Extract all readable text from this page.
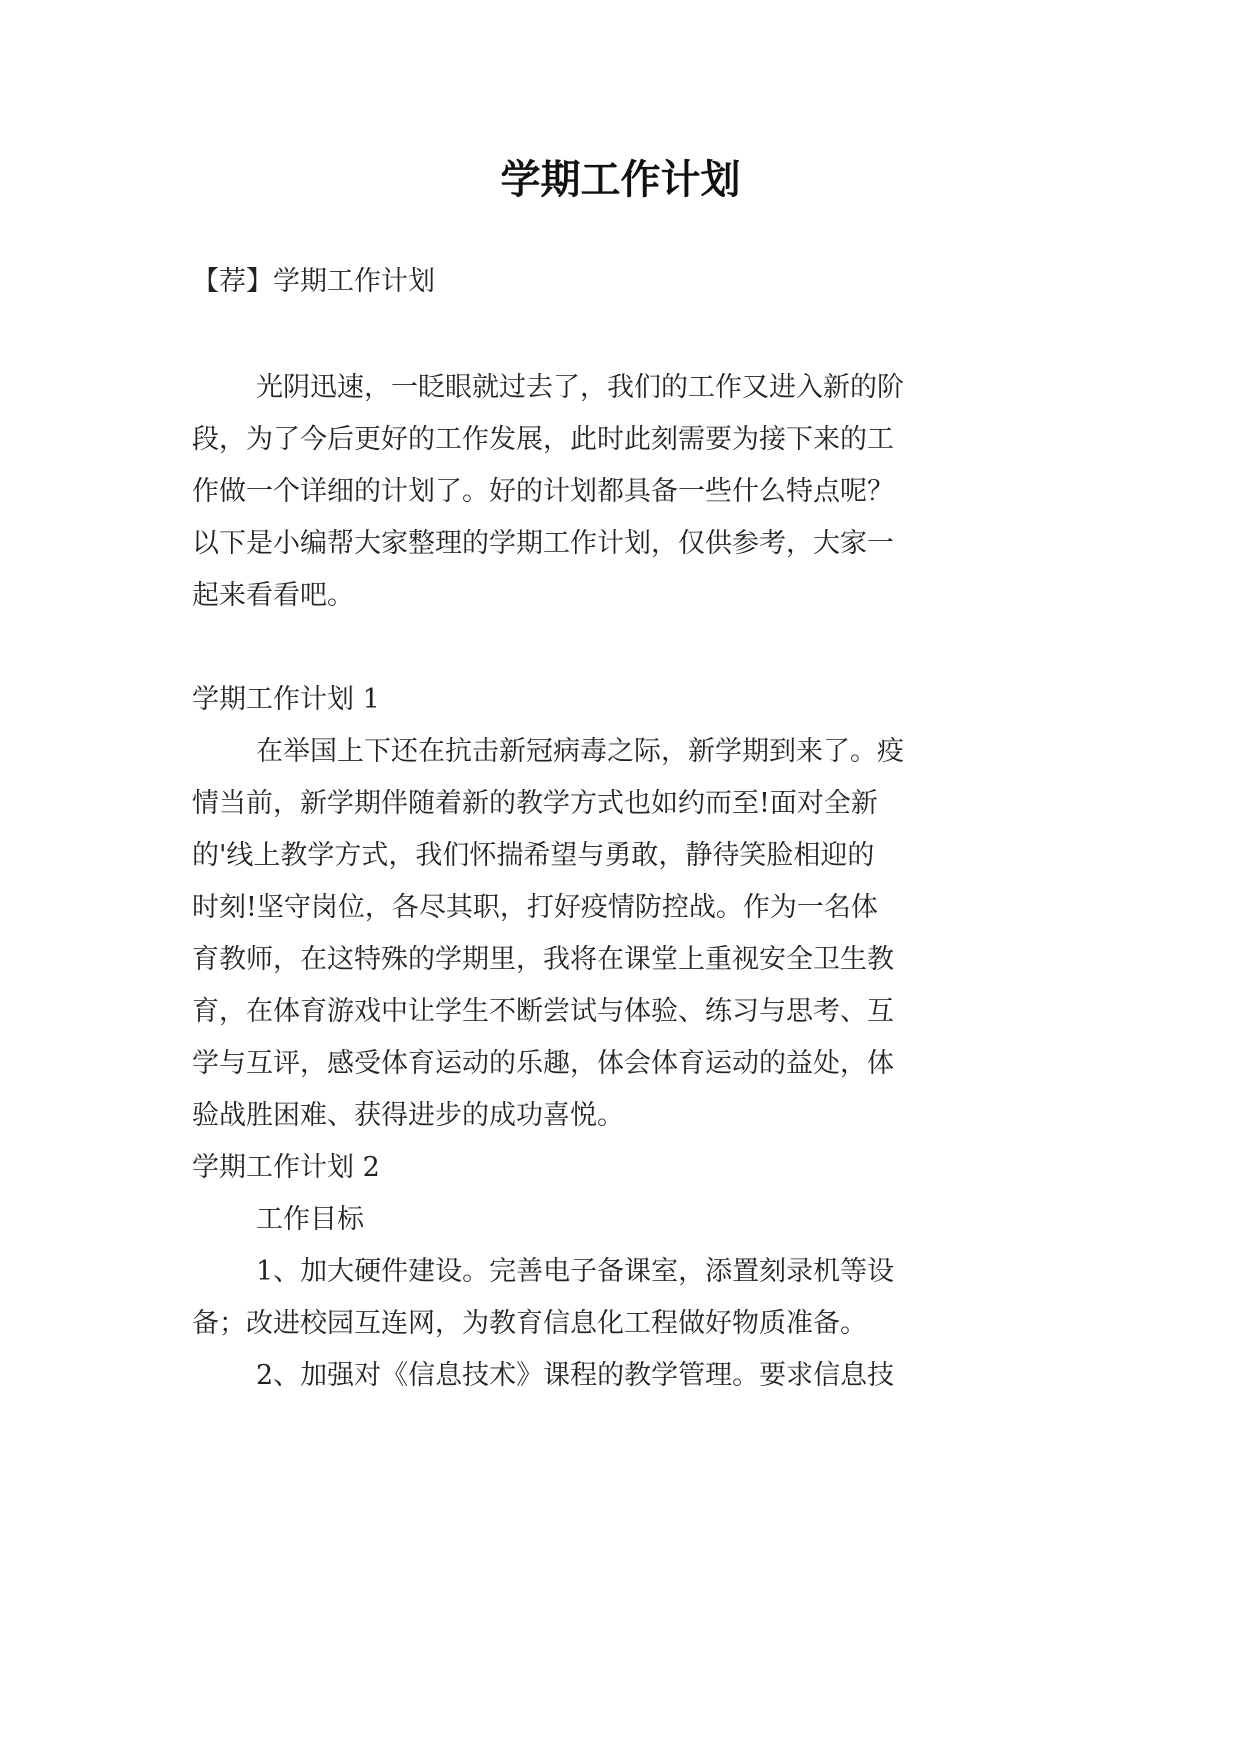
学期工作计划
【荐】学期工作计划
光阴迅速，一眨眼就过去了，我们的工作又进入新的阶
段，为了今后更好的工作发展，此时此刻需要为接下来的工
作做一个详细的计划了。好的计划都具备一些什么特点呢？
以下是小编帮大家整理的学期工作计划，仅供参考，大家一
起来看看吧。
学期工作计划 1
在举国上下还在抗击新冠病毒之际，新学期到来了。疫
情当前，新学期伴随着新的教学方式也如约而至!面对全新
的'线上教学方式，我们怀揣希望与勇敢，静待笑脸相迎的
时刻!坚守岗位，各尽其职，打好疫情防控战。作为一名体
育教师，在这特殊的学期里，我将在课堂上重视安全卫生教
育，在体育游戏中让学生不断尝试与体验、练习与思考、互
学与互评，感受体育运动的乐趣，体会体育运动的益处，体
验战胜困难、获得进步的成功喜悦。
学期工作计划 2
工作目标
1、加大硬件建设。完善电子备课室，添置刻录机等设
备；改进校园互连网，为教育信息化工程做好物质准备。
2、加强对《信息技术》课程的教学管理。要求信息技
